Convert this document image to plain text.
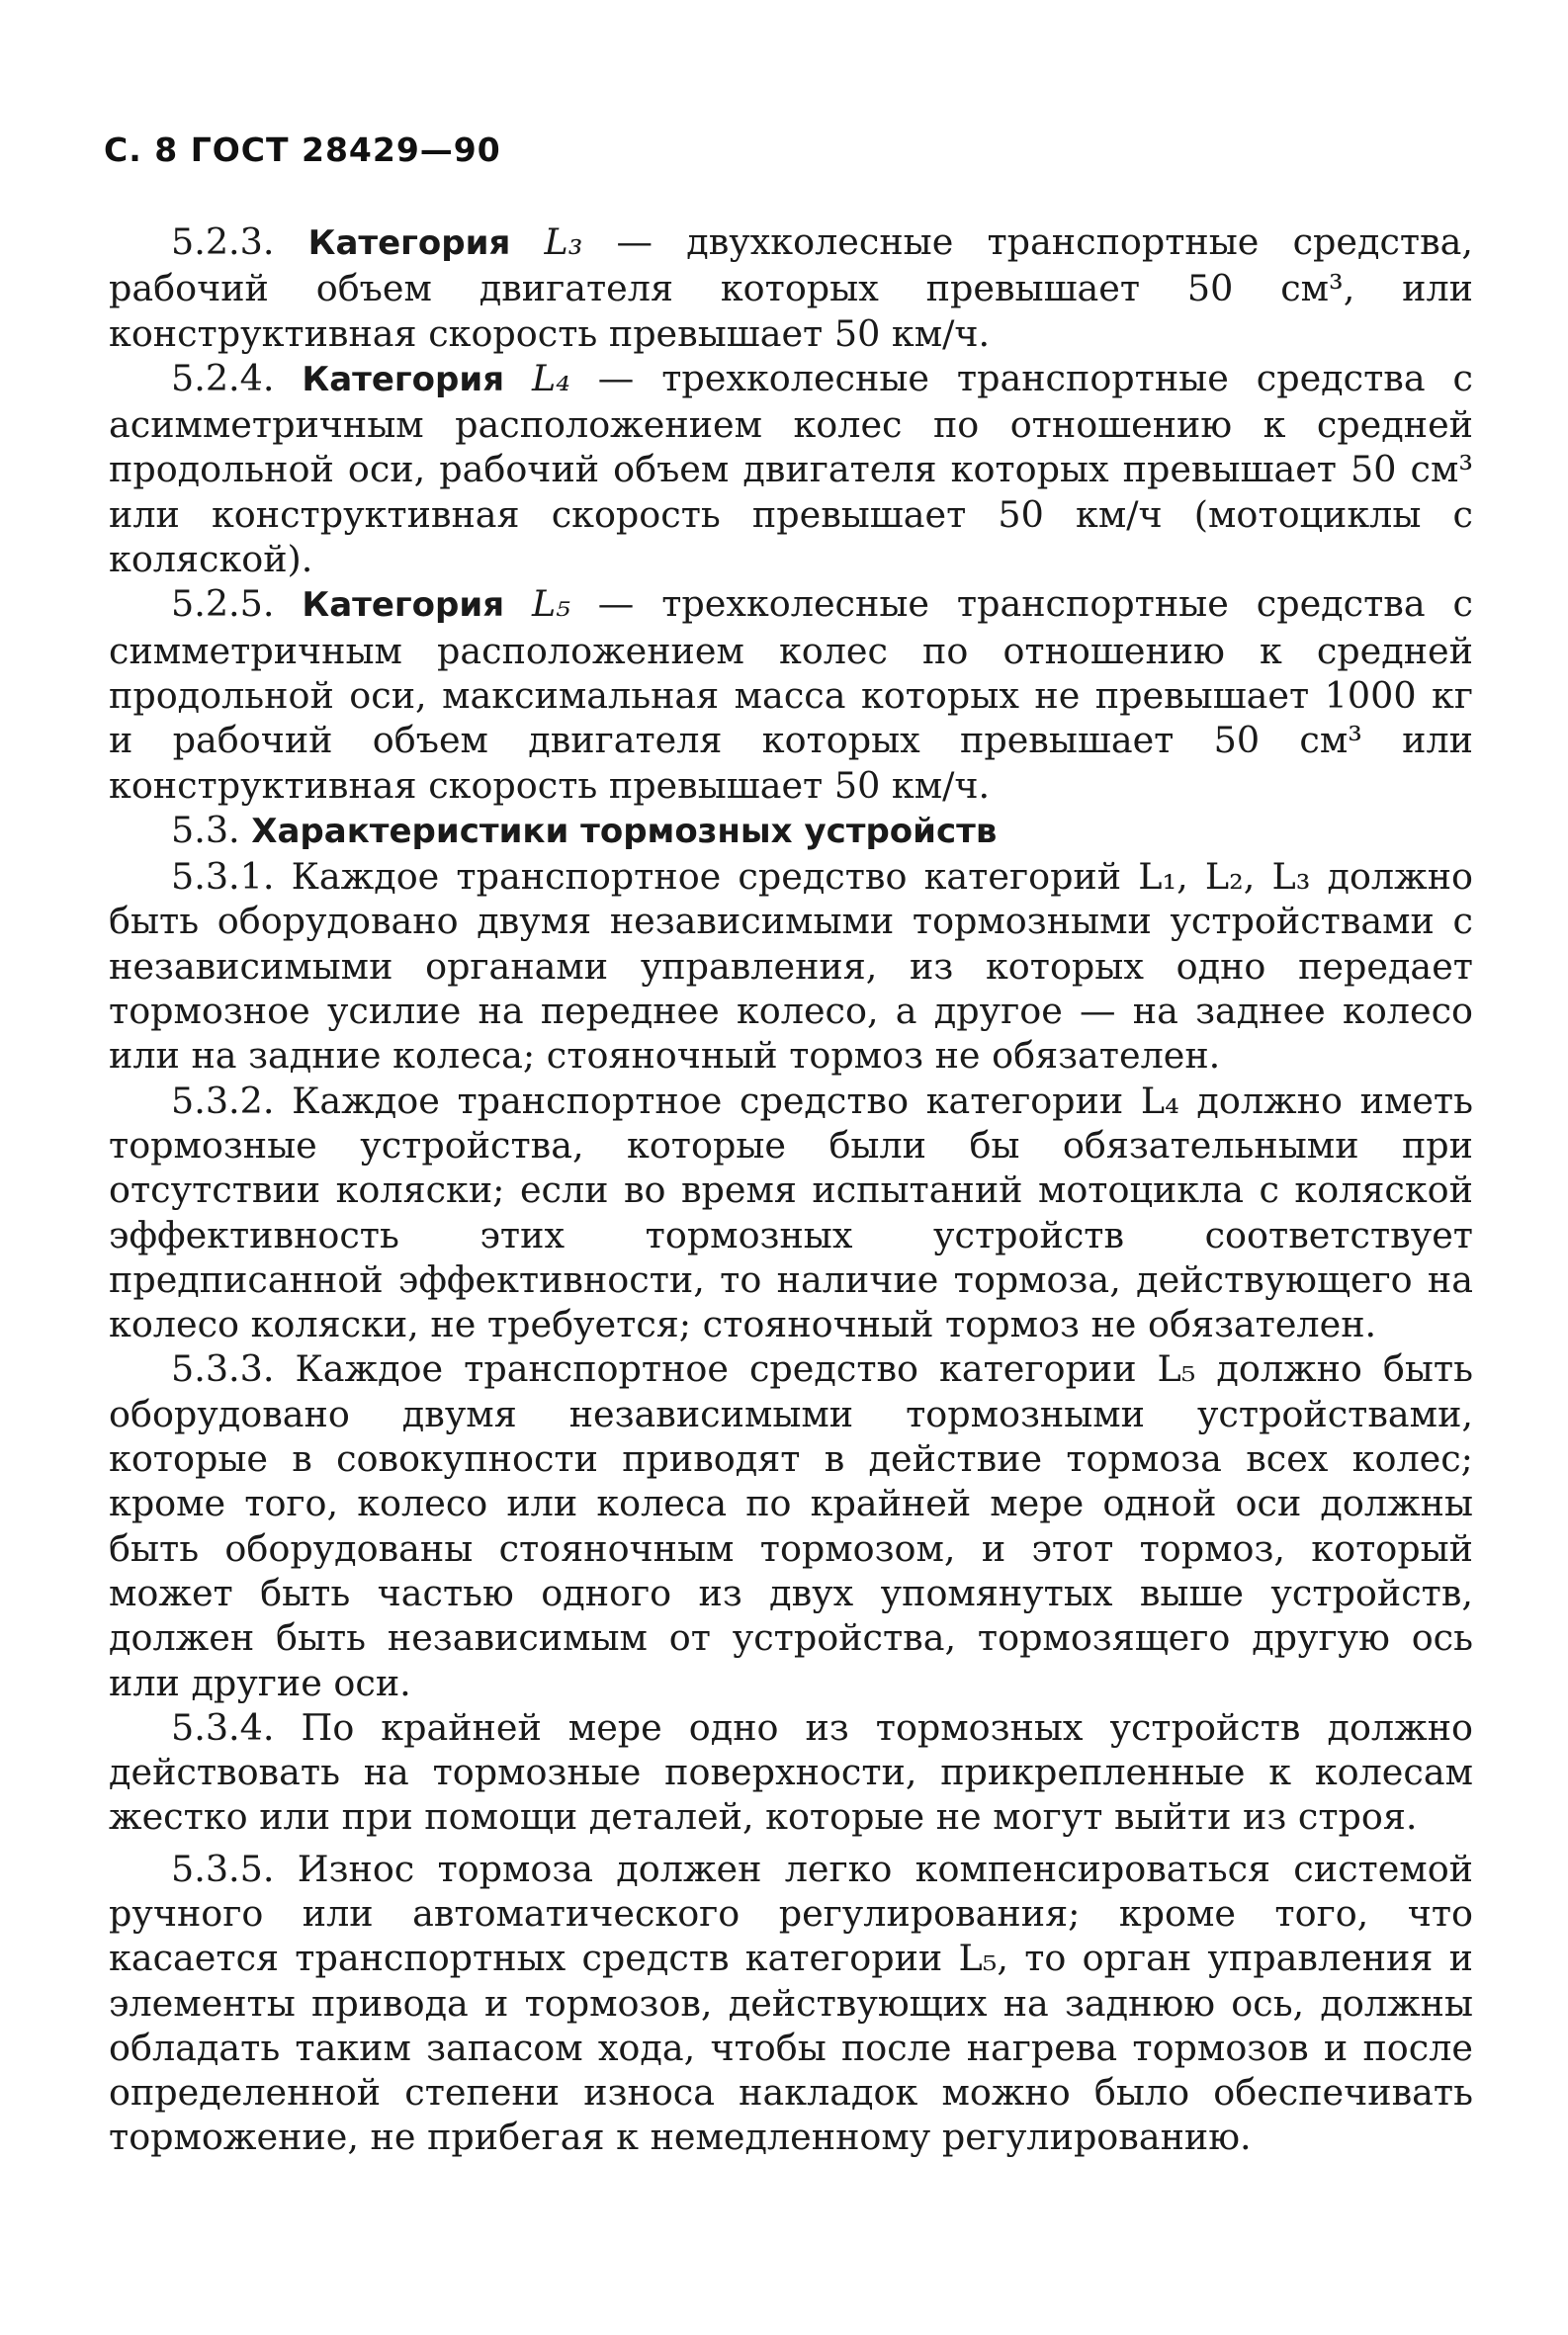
С. 8 ГОСТ 28429—90

5.2.3. Категория L₃ — двухколесные транспортные средства, рабочий объем двигателя которых превышает 50 см³, или конструктивная скорость превышает 50 км/ч.

5.2.4. Категория L₄ — трехколесные транспортные средства с асимметричным расположением колес по отношению к средней продольной оси, рабочий объем двигателя которых превышает 50 см³ или конструктивная скорость превышает 50 км/ч (мотоциклы с коляской).

5.2.5. Категория L₅ — трехколесные транспортные средства с симметричным расположением колес по отношению к средней продольной оси, максимальная масса которых не превышает 1000 кг и рабочий объем двигателя которых превышает 50 см³ или конструктивная скорость превышает 50 км/ч.

5.3. Характеристики тормозных устройств

5.3.1. Каждое транспортное средство категорий L₁, L₂, L₃ должно быть оборудовано двумя независимыми тормозными устройствами с независимыми органами управления, из которых одно передает тормозное усилие на переднее колесо, а другое — на заднее колесо или на задние колеса; стояночный тормоз не обязателен.

5.3.2. Каждое транспортное средство категории L₄ должно иметь тормозные устройства, которые были бы обязательными при отсутствии коляски; если во время испытаний мотоцикла с коляской эффективность этих тормозных устройств соответствует предписанной эффективности, то наличие тормоза, действующего на колесо коляски, не требуется; стояночный тормоз не обязателен.

5.3.3. Каждое транспортное средство категории L₅ должно быть оборудовано двумя независимыми тормозными устройствами, которые в совокупности приводят в действие тормоза всех колес; кроме того, колесо или колеса по крайней мере одной оси должны быть оборудованы стояночным тормозом, и этот тормоз, который может быть частью одного из двух упомянутых выше устройств, должен быть независимым от устройства, тормозящего другую ось или другие оси.

5.3.4. По крайней мере одно из тормозных устройств должно действовать на тормозные поверхности, прикрепленные к колесам жестко или при помощи деталей, которые не могут выйти из строя.

5.3.5. Износ тормоза должен легко компенсироваться системой ручного или автоматического регулирования; кроме того, что касается транспортных средств категории L₅, то орган управления и элементы привода и тормозов, действующих на заднюю ось, должны обладать таким запасом хода, чтобы после нагрева тормозов и после определенной степени износа накладок можно было обеспечивать торможение, не прибегая к немедленному регулированию.
